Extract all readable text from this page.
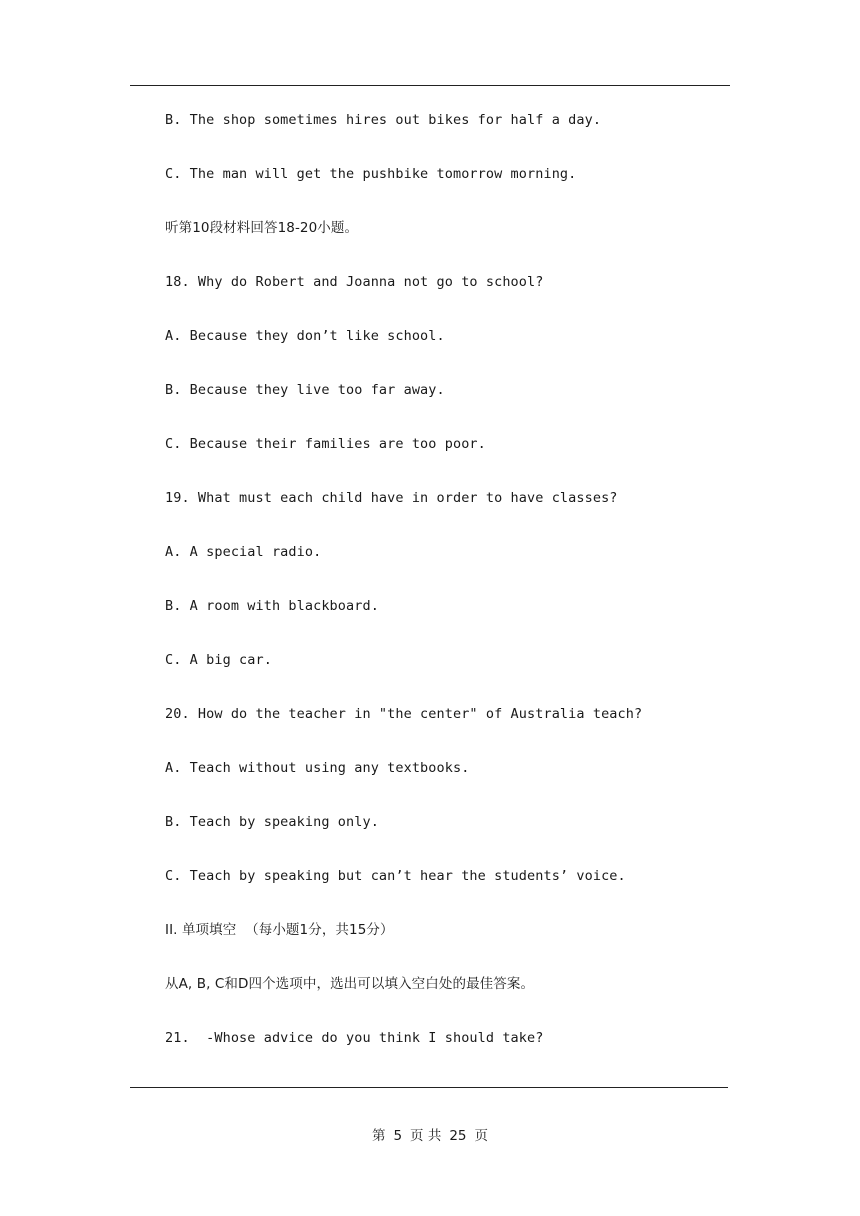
B. The shop sometimes hires out bikes for half a day.
C. The man will get the pushbike tomorrow morning.
听第10段材料回答18-20小题。
18. Why do Robert and Joanna not go to school?
A. Because they don’t like school.
B. Because they live too far away.
C. Because their families are too poor.
19. What must each child have in order to have classes?
A. A special radio.
B. A room with blackboard.
C. A big car.
20. How do the teacher in "the center" of Australia teach?
A. Teach without using any textbooks.
B. Teach by speaking only.
C. Teach by speaking but can’t hear the students’ voice.
II. 单项填空  （每小题1分，共15分）
从A, B, C和D四个选项中，选出可以填入空白处的最佳答案。
21.  -Whose advice do you think I should take?
第 5 页 共 25 页
